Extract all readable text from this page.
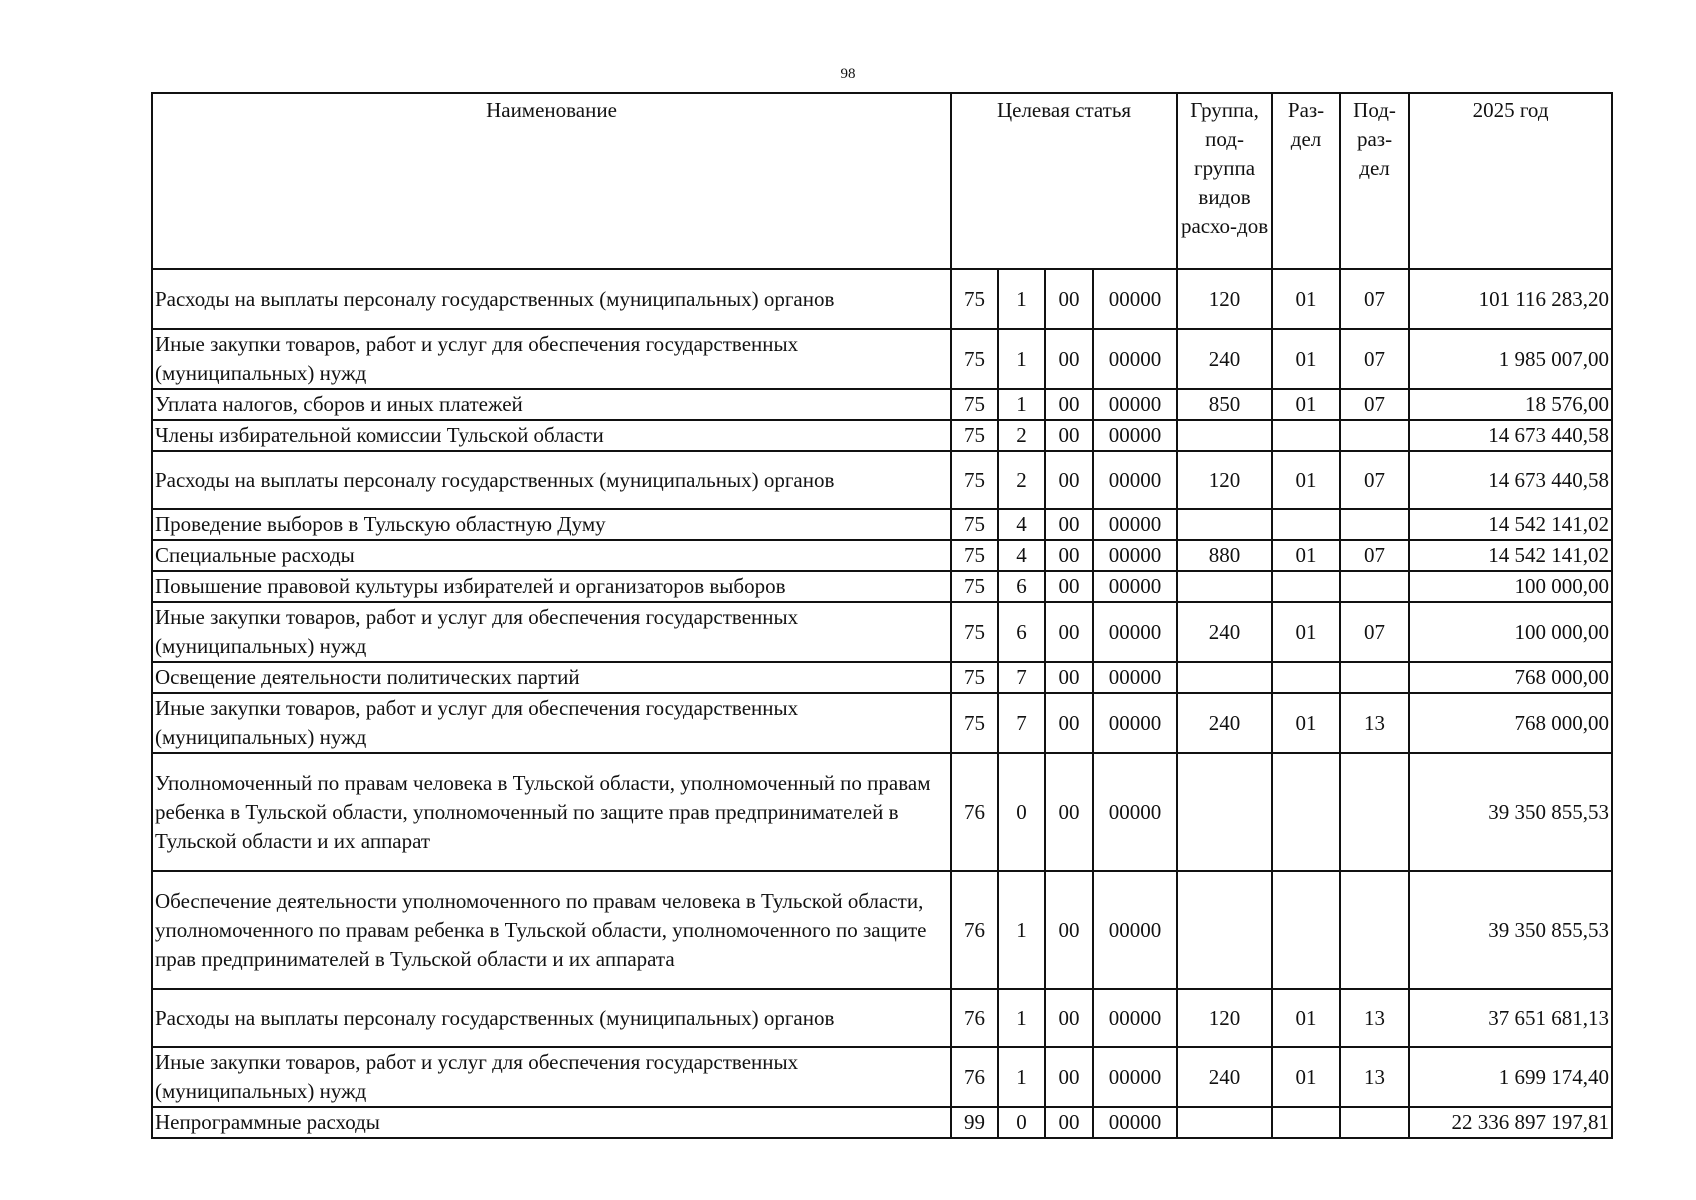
98
Наименование	Целевая статья				Группа, под-группа видов расхо-дов	Раз-дел	Под-раз-дел	2025 год
Расходы на выплаты персоналу государственных (муниципальных) органов	75	1	00	00000	120	01	07	101 116 283,20
Иные закупки товаров, работ и услуг для обеспечения государственных (муниципальных) нужд	75	1	00	00000	240	01	07	1 985 007,00
Уплата налогов, сборов и иных платежей	75	1	00	00000	850	01	07	18 576,00
Члены избирательной комиссии Тульской области	75	2	00	00000				14 673 440,58
Расходы на выплаты персоналу государственных (муниципальных) органов	75	2	00	00000	120	01	07	14 673 440,58
Проведение выборов в Тульскую областную Думу	75	4	00	00000				14 542 141,02
Специальные расходы	75	4	00	00000	880	01	07	14 542 141,02
Повышение правовой культуры избирателей и организаторов выборов	75	6	00	00000				100 000,00
Иные закупки товаров, работ и услуг для обеспечения государственных (муниципальных) нужд	75	6	00	00000	240	01	07	100 000,00
Освещение деятельности политических партий	75	7	00	00000				768 000,00
Иные закупки товаров, работ и услуг для обеспечения государственных (муниципальных) нужд	75	7	00	00000	240	01	13	768 000,00
Уполномоченный по правам человека в Тульской области, уполномоченный по правам ребенка в Тульской области, уполномоченный по защите прав предпринимателей в Тульской области и их аппарат	76	0	00	00000				39 350 855,53
Обеспечение деятельности уполномоченного по правам человека в Тульской области, уполномоченного по правам ребенка в Тульской области, уполномоченного по защите прав предпринимателей в Тульской области и их аппарата	76	1	00	00000				39 350 855,53
Расходы на выплаты персоналу государственных (муниципальных) органов	76	1	00	00000	120	01	13	37 651 681,13
Иные закупки товаров, работ и услуг для обеспечения государственных (муниципальных) нужд	76	1	00	00000	240	01	13	1 699 174,40
Непрограммные расходы	99	0	00	00000				22 336 897 197,81
